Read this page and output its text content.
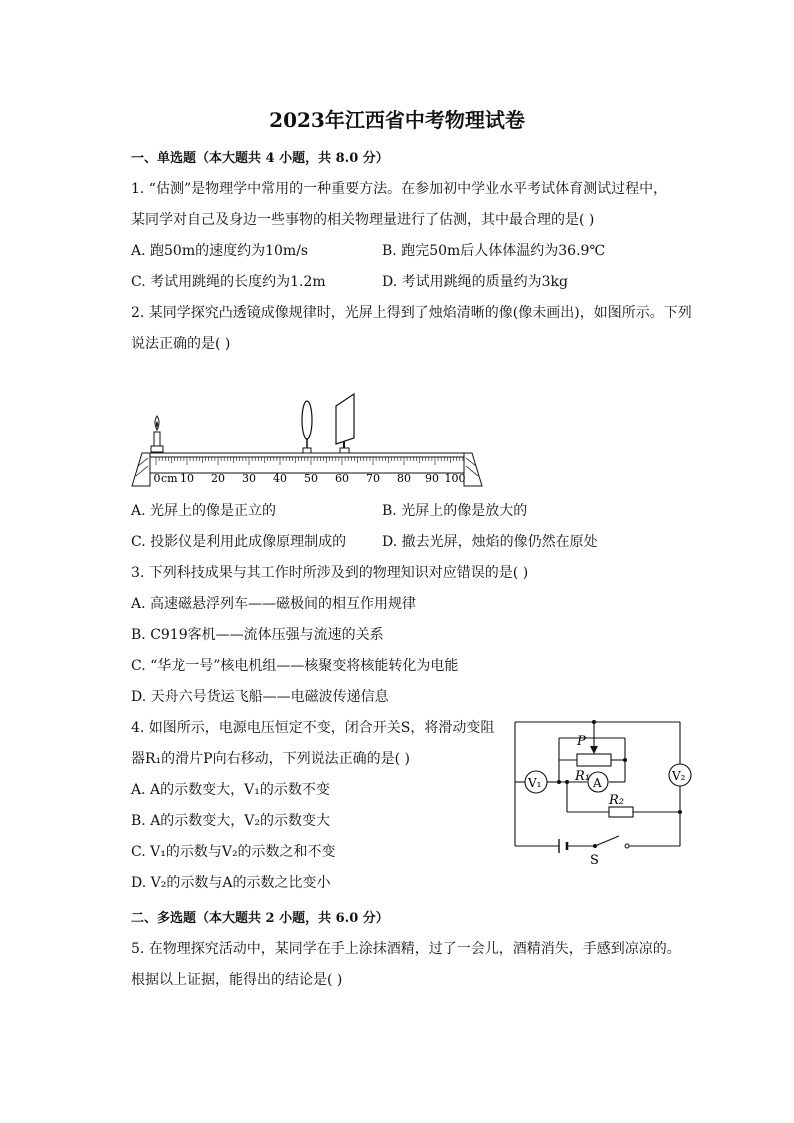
2023年江西省中考物理试卷
一、单选题（本大题共 4 小题，共 8.0 分）
1. “估测”是物理学中常用的一种重要方法。在参加初中学业水平考试体育测试过程中，
某同学对自己及身边一些事物的相关物理量进行了估测，其中最合理的是( )
A. 跑50m的速度约为10m/s	B. 跑完50m后人体体温约为36.9℃
C. 考试用跳绳的长度约为1.2m	D. 考试用跳绳的质量约为3kg
2. 某同学探究凸透镜成像规律时，光屏上得到了烛焰清晰的像(像未画出)，如图所示。下列
说法正确的是( )
cm
0 10 20 30 40 50 60 70 80 90 100
A. 光屏上的像是正立的	B. 光屏上的像是放大的
C. 投影仪是利用此成像原理制成的	D. 撤去光屏，烛焰的像仍然在原处
3. 下列科技成果与其工作时所涉及到的物理知识对应错误的是( )
A. 高速磁悬浮列车——磁极间的相互作用规律
B. C919客机——流体压强与流速的关系
C. “华龙一号”核电机组——核聚变将核能转化为电能
D. 天舟六号货运飞船——电磁波传递信息
4. 如图所示，电源电压恒定不变，闭合开关S，将滑动变阻
器R₁的滑片P向右移动，下列说法正确的是( )
A. A的示数变大，V₁的示数不变
B. A的示数变大，V₂的示数变大
C. V₁的示数与V₂的示数之和不变
D. V₂的示数与A的示数之比变小
P
R₁ A
V₁	V₂
R₂
S
二、多选题（本大题共 2 小题，共 6.0 分）
5. 在物理探究活动中，某同学在手上涂抹酒精，过了一会儿，酒精消失，手感到凉凉的。
根据以上证据，能得出的结论是( )
